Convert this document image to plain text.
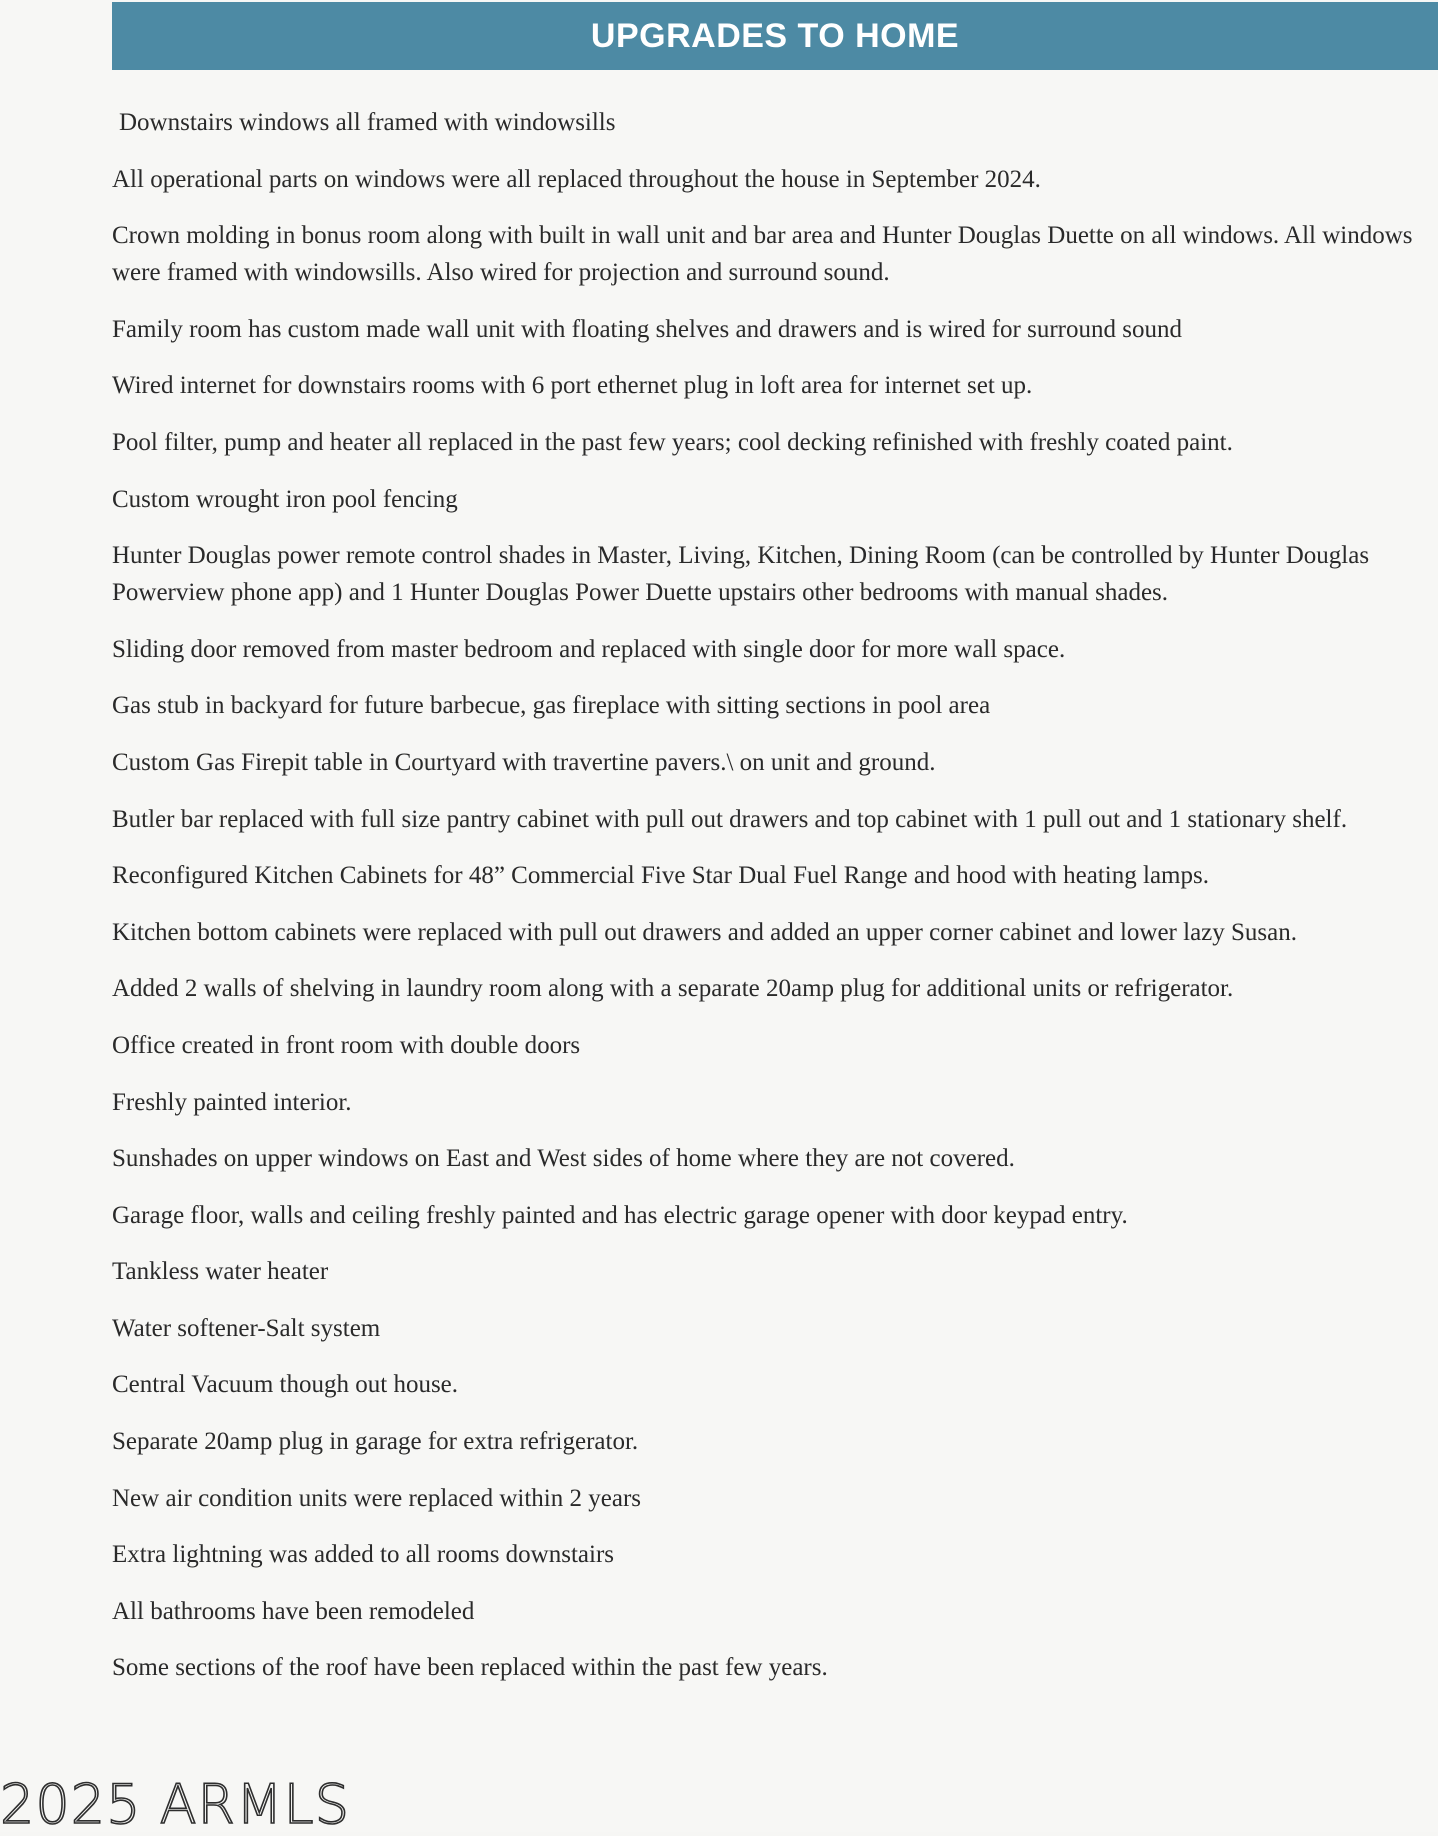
UPGRADES TO HOME
Downstairs windows all framed with windowsills
All operational parts on windows were all replaced throughout the house in September 2024.
Crown molding in bonus room along with built in wall unit and bar area and Hunter Douglas Duette on all windows. All windows were framed with windowsills. Also wired for projection and surround sound.
Family room has custom made wall unit with floating shelves and drawers and is wired for surround sound
Wired internet for downstairs rooms with 6 port ethernet plug in loft area for internet set up.
Pool filter, pump and heater all replaced in the past few years; cool decking refinished with freshly coated paint.
Custom wrought iron pool fencing
Hunter Douglas power remote control shades in Master, Living, Kitchen, Dining Room (can be controlled by Hunter Douglas Powerview phone app) and 1 Hunter Douglas Power Duette upstairs other bedrooms with manual shades.
Sliding door removed from master bedroom and replaced with single door for more wall space.
Gas stub in backyard for future barbecue, gas fireplace with sitting sections in pool area
Custom Gas Firepit table in Courtyard with travertine pavers.\ on unit and ground.
Butler bar replaced with full size pantry cabinet with pull out drawers and top cabinet with 1 pull out and 1 stationary shelf.
Reconfigured Kitchen Cabinets for 48” Commercial Five Star Dual Fuel Range and hood with heating lamps.
Kitchen bottom cabinets were replaced with pull out drawers and added an upper corner cabinet and lower lazy Susan.
Added 2 walls of shelving in laundry room along with a separate 20amp plug for additional units or refrigerator.
Office created in front room with double doors
Freshly painted interior.
Sunshades on upper windows on East and West sides of home where they are not covered.
Garage floor, walls and ceiling freshly painted and has electric garage opener with door keypad entry.
Tankless water heater
Water softener-Salt system
Central Vacuum though out house.
Separate 20amp plug in garage for extra refrigerator.
New air condition units were replaced within 2 years
Extra lightning was added to all rooms downstairs
All bathrooms have been remodeled
Some sections of the roof have been replaced within the past few years.
2025 ARMLS
